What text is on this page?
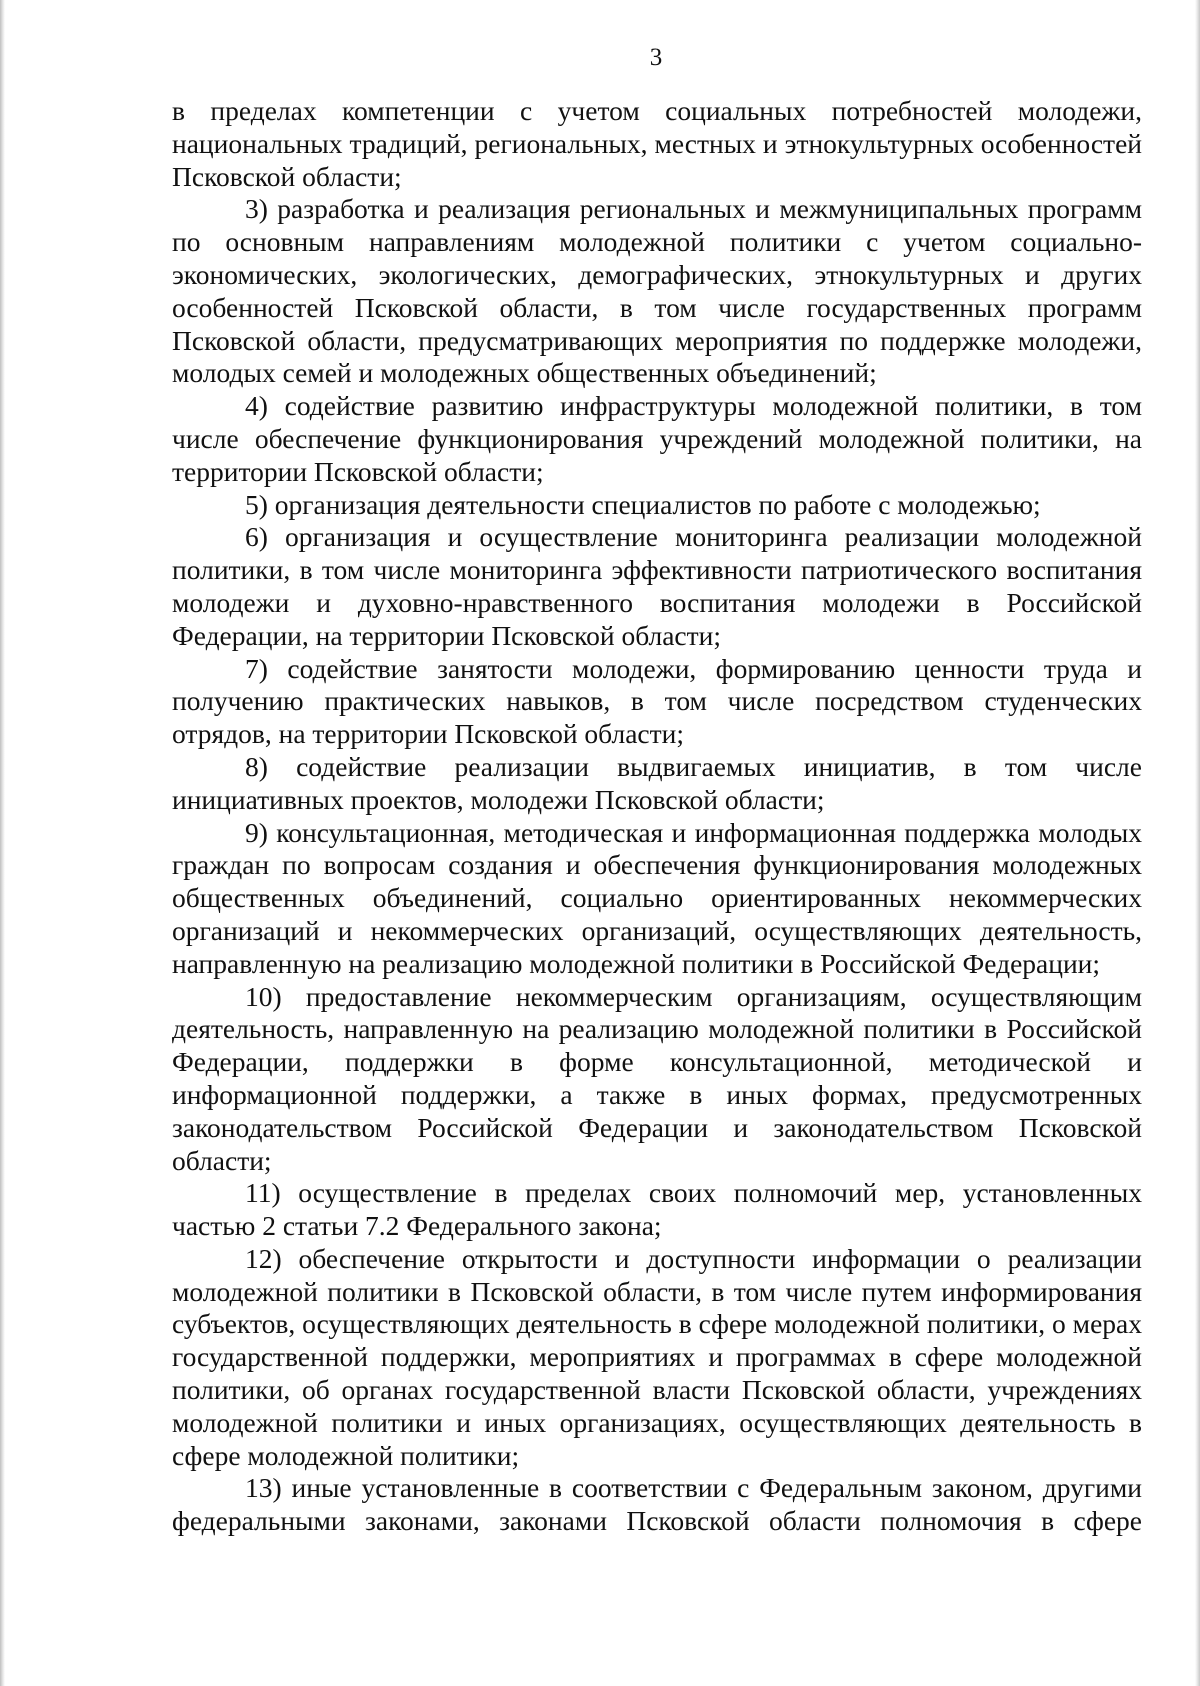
3

в пределах компетенции с учетом социальных потребностей молодежи, национальных традиций, региональных, местных и этнокультурных особенностей Псковской области;

3) разработка и реализация региональных и межмуниципальных программ по основным направлениям молодежной политики с учетом социально-экономических, экологических, демографических, этнокультурных и других особенностей Псковской области, в том числе государственных программ Псковской области, предусматривающих мероприятия по поддержке молодежи, молодых семей и молодежных общественных объединений;

4) содействие развитию инфраструктуры молодежной политики, в том числе обеспечение функционирования учреждений молодежной политики, на территории Псковской области;

5) организация деятельности специалистов по работе с молодежью;

6) организация и осуществление мониторинга реализации молодежной политики, в том числе мониторинга эффективности патриотического воспитания молодежи и духовно-нравственного воспитания молодежи в Российской Федерации, на территории Псковской области;

7) содействие занятости молодежи, формированию ценности труда и получению практических навыков, в том числе посредством студенческих отрядов, на территории Псковской области;

8) содействие реализации выдвигаемых инициатив, в том числе инициативных проектов, молодежи Псковской области;

9) консультационная, методическая и информационная поддержка молодых граждан по вопросам создания и обеспечения функционирования молодежных общественных объединений, социально ориентированных некоммерческих организаций и некоммерческих организаций, осуществляющих деятельность, направленную на реализацию молодежной политики в Российской Федерации;

10) предоставление некоммерческим организациям, осуществляющим деятельность, направленную на реализацию молодежной политики в Российской Федерации, поддержки в форме консультационной, методической и информационной поддержки, а также в иных формах, предусмотренных законодательством Российской Федерации и законодательством Псковской области;

11) осуществление в пределах своих полномочий мер, установленных частью 2 статьи 7.2 Федерального закона;

12) обеспечение открытости и доступности информации о реализации молодежной политики в Псковской области, в том числе путем информирования субъектов, осуществляющих деятельность в сфере молодежной политики, о мерах государственной поддержки, мероприятиях и программах в сфере молодежной политики, об органах государственной власти Псковской области, учреждениях молодежной политики и иных организациях, осуществляющих деятельность в сфере молодежной политики;

13) иные установленные в соответствии с Федеральным законом, другими федеральными законами, законами Псковской области полномочия в сфере
